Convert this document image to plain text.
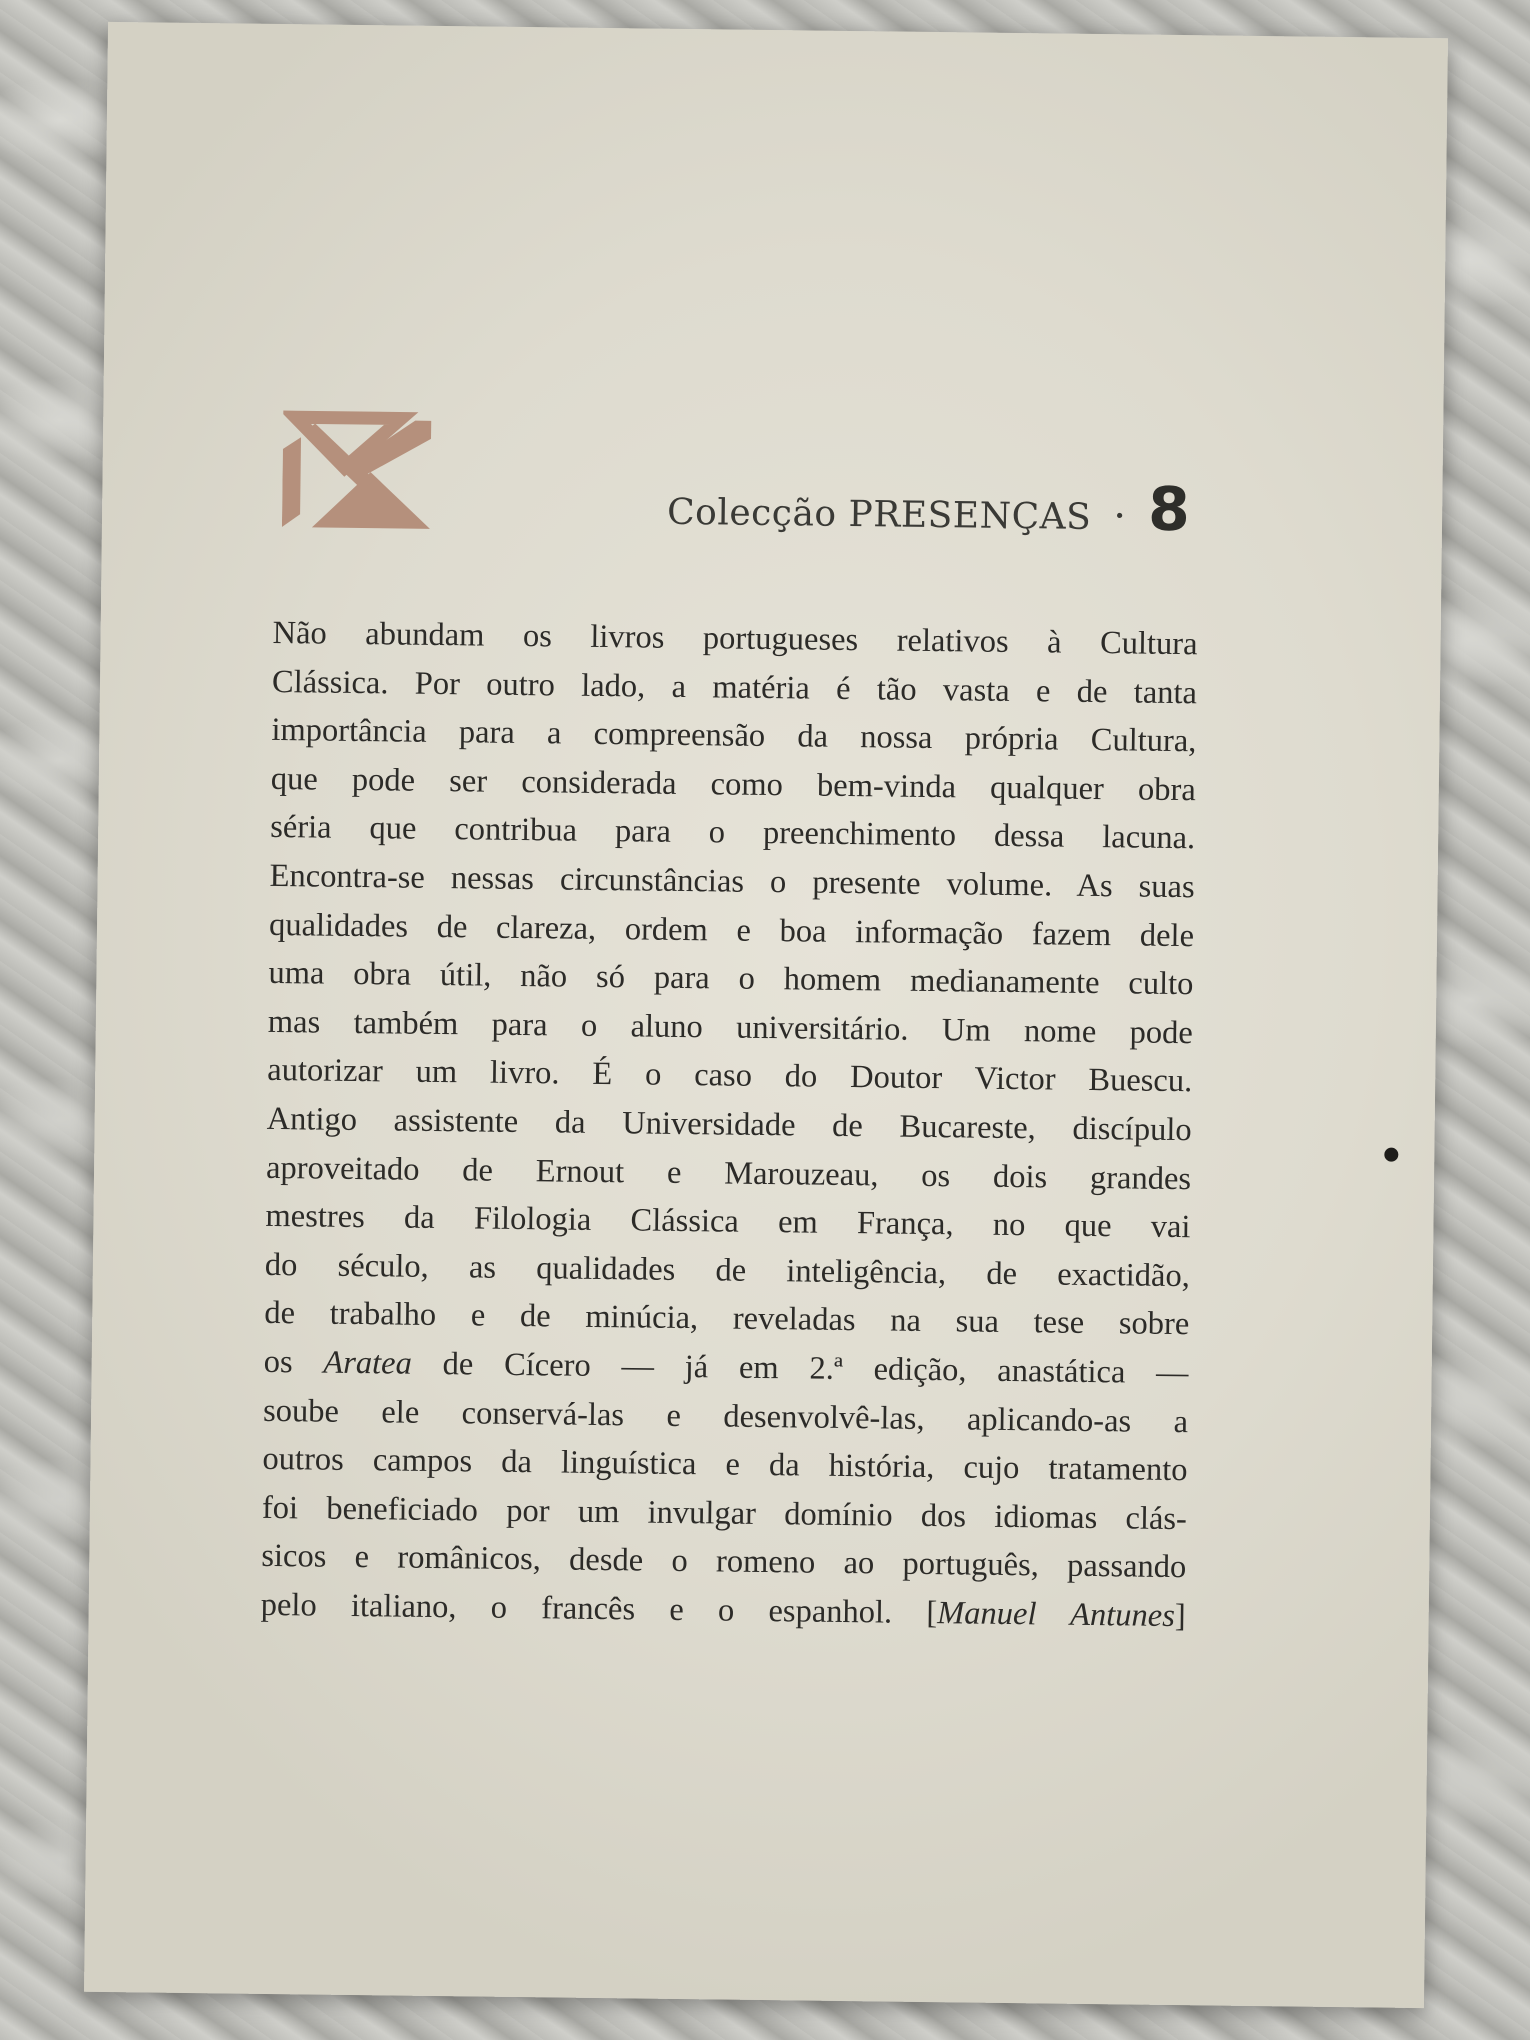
Colecção PRESENÇAS · 8
Não abundam os livros portugueses relativos à Cultura
Clássica. Por outro lado, a matéria é tão vasta e de tanta
importância para a compreensão da nossa própria Cultura,
que pode ser considerada como bem-vinda qualquer obra
séria que contribua para o preenchimento dessa lacuna.
Encontra-se nessas circunstâncias o presente volume. As suas
qualidades de clareza, ordem e boa informação fazem dele
uma obra útil, não só para o homem medianamente culto
mas também para o aluno universitário. Um nome pode
autorizar um livro. É o caso do Doutor Victor Buescu.
Antigo assistente da Universidade de Bucareste, discípulo
aproveitado de Ernout e Marouzeau, os dois grandes
mestres da Filologia Clássica em França, no que vai
do século, as qualidades de inteligência, de exactidão,
de trabalho e de minúcia, reveladas na sua tese sobre
os Aratea de Cícero — já em 2.ª edição, anastática —
soube ele conservá-las e desenvolvê-las, aplicando-as a
outros campos da linguística e da história, cujo tratamento
foi beneficiado por um invulgar domínio dos idiomas clás-
sicos e românicos, desde o romeno ao português, passando
pelo italiano, o francês e o espanhol. [Manuel Antunes]
